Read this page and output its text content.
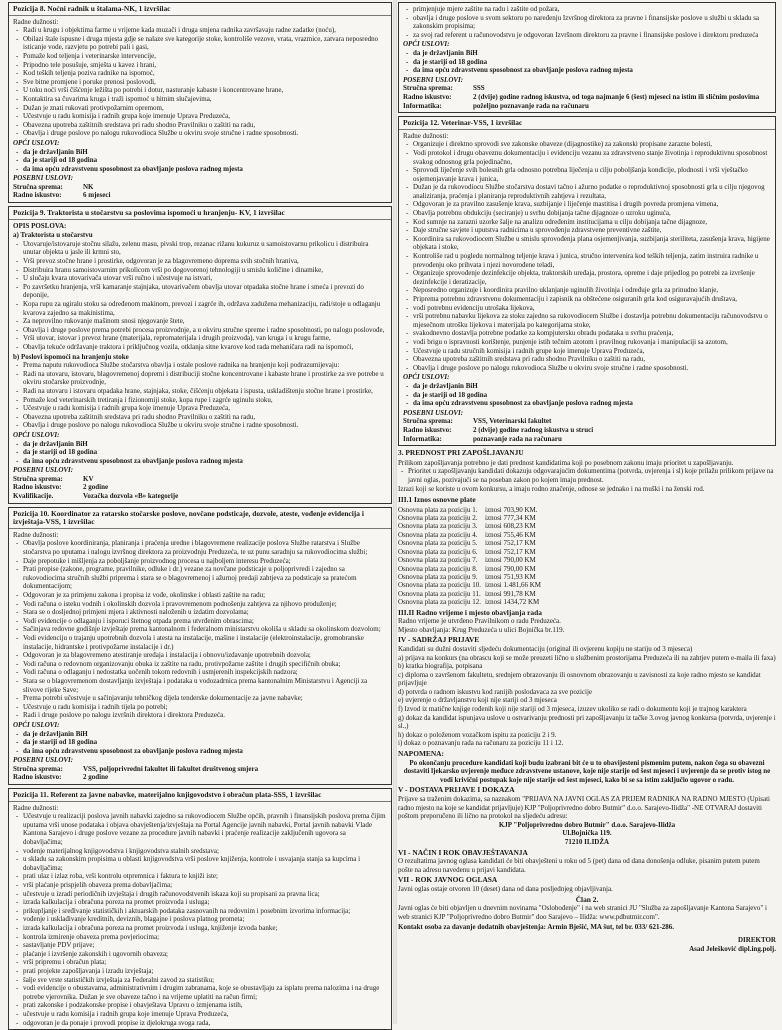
Pozicija 8. Noćni radnik u štalama-NK, 1 izvršilac
Radne dužnosti:
- Radi u krugu i objektima farme u vrijeme kada muzači i druga smjena radnika završavaju radne zadatke (noću),
- Obilazi štale ispusne i druga mjesta gdje se nalaze sve kategorije stoke, kontroliše vezove, vrata, vrazmice, zatvara neposredno isticanje vode, razvjetu po potrebi pali i gasi,
- Pomaže kod teljenja i veterinarske intervencije,
- Pripodno tele posušuje, smješta u kavez i hrani,
- Kod teških teljenja poziva radnike na ispomoć,
- Sve bitne promjene i poruke prenosi poslovođi,
- U toku noći vrši čišćenje ležišta po potrebi i dotur, nasturanje kabaste i koncentrovane hrane,
- Kontaktira sa čuvarima kruga i traži ispomoć u hitnim slučajevima,
- Dužan je znati rukovati protivpožarnim opremom,
- Učestvuje u radu komisija i radnih grupa koje imenuje Uprava Preduzeća,
- Obavezna upotreba zaštitnih sredstava pri radu shodno Pravilniku o zaštiti na radu,
- Obavlja i druge poslove po nalogu rukovodioca Službe u okviru svoje stručne i radne sposobnosti.
OPĆI USLOVI:
- da je državljanin BiH
- da je stariji od 18 godina
- da ima opću zdravstvenu sposobnost za obavljanje poslova radnog mjesta
POSEBNI USLOVI:
Stručna sprema:	NK
Radno iskustvo:	6 mjeseci
Pozicija 9. Traktorista u stočarstvu sa poslovima ispomoći u hranjenju- KV, 1 izvršilac
OPIS POSLOVA:
a) Traktorista u stočarstvu
- Utovaruje/istovaruje stočnu silažu, zelenu masu, pivski trop, rezanac rižanu kukuruz u samoistovarnu prikolicu i distribuira unutar objekta u jasle ili krmni sto,
- Vrši prevoz stočne hrane i prostirke, odgovoran je za blagovremeno doprema svih stočnih hraniva,
- Distribuira hranu samoistovarnim prikolicom vrši po dogovorenoj tehnologiji u smislu količine i dinamike,
- U slučaju kvara utovarivača utovar vrši ručno i učestvuje na istvari,
- Po završetku hranjenja, vrši kamaranje stajnjaka, utovarivačem obavlja utovar otpadaka stočne hrane i smeća i prevozi do deponije,
- Kopa rupu za ugiralu stoku sa određenom makinom, prevozi i zagrće ih, održava zadužena mehanizaciju, radi/stoje u odlaganju kvarova zajedno sa makinistima,
- Za neprovilno rukovanje mašinom snosi njegovanje štete,
- Obavlja i druge poslove prema potrebi procesa proizvodnje, a u okviru stručne spreme i radne sposobnosti, po nalogu poslovođe,
- Vrši utovar, istovar i prevoz hrane (materijala, repromaterijala i drugih proizvoda), van kruga i u krugu farme,
- Obavlja tekuće održavanje traktora i priključnog vozila, otklanja sitne kvarove kod rada mehaničara radi na ispomoći,
b) Poslovi ispomoći na hranjenju stoke
- Prema naputu rukovodioca Službe stočarstva obavlja i ostale poslove radnika na hranjenju koji podrazumijevaju:
- Radi na utovaru, istovaru, blagovremenoj dopremi i distribuciji stočne koncentrovane i kabaste hrane i prostirke za sve potrebe u okviru stočarske proizvodnje,
- Radi na utovaru i istovaru otpadaka hrane, stajnjaka, stoke, čišćenju objekata i ispusta, uskladištenju stočne hrane i prostirke,
- Pomaže kod veterinarskih tretiranja i fizionomiji stoke, kopa rupe i zagrće uginulu stoku,
- Učestvuje u radu komisija i radnih grupa koje imenuje Uprava Preduzeća,
- Obavezna upotreba zaštitnih sredstava pri radu shodno Pravilniku o zaštiti na radu,
- Obavlja i druge poslove po nalogu rukovodioca Službe u okviru svoje stručne i radne sposobnosti.
OPĆI USLOVI:
- da je državljanin BiH
- da je stariji od 18 godina
- da ima opću zdravstvenu sposobnost za obavljanje poslova radnog mjesta
POSEBNI USLOVI:
Stručna sprema:	KV
Radno iskustvo:	2 godine
Kvalifikacije.	Vozačka dozvola «B» kategorije
Pozicija 10. Koordinator za ratarsko stočarske poslove, novčane podsticaje, dozvole, ateste, vođenje evidencija i izvještaja-VSS, 1 izvršilac
Radne dužnosti:
- Obavlja poslove koordiniranja, planiranja i praćenja uredne i blagovremene realizacije poslova Službe ratarstva i Službe stočarstva po uputama i nalogu izvršnog direktora za proizvodnju Preduzeća, te uz punu saradnju sa rukovodiocima službi;
- Daje prepotuke i mišljenja za poboljšanje proizvodnog procesa u najboljem interesu Preduzeća;
- Prati propise (zakone, programe, pravilnike, odluke i dr.) vezane za novčane podsticaje u poljoprivredi i zajedno sa rukovodiocima stručnih službi priprema i stara se o blagovremenoj i ažurnoj predaji zahtjeva za podsticaje sa pratećom dokumentacijom;
- Odgovoran je za primjenu zakona i propisa iz vođe, okolinske i oblasti zaštite na radu;
- Vodi računa o isteku vodnih i okolinskih dozvola i pravovremenom podnošenju zahtjeva za njihovo produženje;
- Stara se o dosljednoj primjeni mjera i aktivnosti naloženih u izdatim dozvolama;
- Vodi evidencije o odlaganju i isporuci štetnog otpada prema utvrđenim obrascima;
- Sačinjava redovne godišnje izvještaje prema kantonalnom i federalnom ministarstvu okoliša u skladu sa okolinskom dozvolom;
- Vodi evidenciju o trajanju upotrebnih dozvola i atesta na instalacije, mašine i instalacije (elektroinstalacije, gromobranske instalacije, hidrantske i protivpožarne instalacije i dr.)
- Odgovoran je za blagovremeno atestiranje uređaja i instalacija i obnovu/izdavanje upotrebnih dozvola;
- Vodi računa o redovnom organizovanju obuka iz zaštite na radu, protivpožarne zaštite i drugih specifičnih obuka;
- Vodi računa o odlaganju i nedostatka uočenih tokom redovnih i usmjerenih inspekcijskih nadzora;
- Stara se o blagovremenom dostavljanju izvještaja i podataka u vodozadrnica prema kantonalnim Ministarstvu i Agenciji za slivove rijeke Save;
- Prema potrebi učestvuje u sačinjavanju tehničkog dijela tenderske dokumentacije za javne nabavke;
- Učestvuje u radu komisija i radnih tijela po potrebi;
- Radi i druge poslove po nalogu izvršnih direktora i direktora Preduzeća.
OPĆI USLOVI:
- da je državljanin BiH
- da je stariji od 18 godina
- da ima opću zdravstvenu sposobnost za obavljanje poslova radnog mjesta
POSEBNI USLOVI:
Stručna sprema:	VSS, poljoprivredni fakultet ili fakultet društvenog smjera
Radno iskustvo:	2 godine
Pozicija 11. Referent za javne nabavke, materijalno knjigovodstvo i obračun plata-SSS, 1 izvršilac
Radne dužnosti:
- Učestvuje u realizaciji poslova javnih nabavki zajedno sa rukovodiocem Službe općih, pravnih i finansijskih poslova prema čijim uputama vrši unose podataka i objava obavještenja/izvještaja na Portal Agencije javnih nabavki, Portal javnih nabavki Vlade Kantona Sarajevo i druge poslove vezane za procedure javnih nabavki i praćenje realizacije zaključenih ugovora sa dobavljačima;
- vodenje materijalnog knjigovodstva i knjigovodstva stalnih sredstava;
- u skladu sa zakonskim propisima u oblasti knjigovodstva vrši poslove knjiženja, kontrole i usvajanja stanja sa kupcima i dobavljačima;
- prati ulaz i izlaz roba, vrši kontrolu otpremnica i faktura te knjiži iste;
- vrši plaćanje prispjelih obaveza prema dobavljačima;
- učestvuje u izradi periodičnih izvještaja i drugih računovodstvenih iskaza koji su propisani za pravna lica;
- izrada kalkulacija i obračuna poreza na promet proizvoda i usluga;
- prikupljanje i sređivanje statističkih i aktuarskih podataka zasnovanih na redovnim i posebnim izvorima informacija;
- vođenje i usklađivanje kreditnih, deviznih, blagajne i poslova platnog prometa;
- izrada kalkulacija i obračuna poreza na promet proizvoda i usluga, knjiženje izvoda banke;
- kontrola izmirenje obaveza prema povjeriocima;
- sastavljanje PDV prijave;
- plaćanje i izvršenje zakonskih i ugovornih obaveza;
- vrši pripremu i obračun plata;
- prati projekte zapošljavanja i izradu izvještaja;
- šalje sve vrste statističkih izvještaja za Federalni zavod za statistiku;
- vodi evidencije o obustavama, administrativnim i drugim zabranama, koje se obustavljaju za isplatu prema nalozima i na druge potrebe vjerovnika. Dužan je sve obaveze tačno i na vrijeme uplatiti na račun firmi;
- prati zakonske i podzakonske propise i obavještava Upravu o izmjenama istih,
- učestvuje u radu komisija i radnih grupa koje imenuje Uprava Preduzeća,
- odgovoran je da ponaje i provodi propise iz djelokruga svoga rada,
- primjenjuje mjere zaštite na radu i zaštite od požara,
- obavlja i druge poslove u svom sektoru po naređenju Izvršnog direktora za pravne i finansijske poslove u službi u skladu sa zakonskim propisima;
- za svoj rad referent u računovodstvu je odgovoran Izvršnom direktoru za pravne i finansijske poslove i direktoru preduzeća
OPĆI USLOVI:
- da je državljanin BiH
- da je stariji od 18 godina
- da ima opću zdravstvenu sposobnost za obavljanje poslova radnog mjesta
POSEBNI USLOVI:
Stručna sprema:	SSS
Radno iskustvo:	2 (dvije) godine radnog iskustva, od toga najmanje 6 (šest) mjeseci na istim ili sličnim poslovima
Informatika:	poželjno poznavanje rada na računaru
Pozicija 12. Veterinar-VSS, 1 izvršilac
Radne dužnosti:
- Organizuje i direktno sprovodi sve zakonske obaveze (dijagnostike) za zakonski propisane zarazne bolesti,
- Vodi protokol i drugu obaveznu dokumentaciju i evidenciju vezanu za zdravstveno stanje životinja i reproduktivnu sposobnost svakog odnosnog grla pojedinačno,
- Sprovodi liječenje svih bolesnih grla odnosno potrebna liječenja u cilju poboljšanja kondicije, plodnosti i vrši vještačko osjemenjavanje krava i junica,
- Dužan je da rukovodiocu Službe stočarstva dostavi tačno i ažurno podatke o reproduktivnoj sposobnosti grla u cilju njegovog analiziranja, praćenja i planiranja reproduktivnih zahtjeva i rezultata,
- Odgovoran je za pravilno zasušenje krava, suzbijanje i liječenje mastitisa i drugih povreda promjena vimena,
- Obavlja potrebnu obdukciju (seciranje) u svrhu dobijanja tačne dijagnoze o uzroku uginuća,
- Kod sumnje na zarazni uzorke šalje na analizu određenim institucijama u cilju dobijanja tačne dijagnoze,
- Daje stručne savjete i uputstva radnicima u sprovođenju zdravstvene preventivne zaštite,
- Koordinira sa rukovodiocem Službe u smislu sprovođenja plana osjemenjivanja, suzbijanja steriliteta, zasušenja krava, higijene objekata i stoke,
- Kontroliše rad u pogledu normalnog teljenje krava i junica, stručno intervenira kod teških teljenja, zatim instruira radnike u prevođenju oko prihvata i njezi novorođene teladi,
- Organizuje sprovođenje dezinfekcije objekta, traktorskih uređaja, prostora, opreme i daje prijedlog po potrebi za izvršenje dezinfekcije i deratizacije,
- Neposredno organizuje i koordinira pravilno uklanjanje uginulih životinja i određuje grla za prinudno klanje,
- Priprema potrebnu zdravstvenu dokumentaciju i zapisnik na obštećene osiguranih grla kod osiguravajućih društava,
- vodi potrebnu evidenciju utrošaka lijekova,
- vrši potrebnu nabavku lijekova za stoku zajedno sa rukovodiocem Službe i dostavlja potrebnu dokumentaciju računovodstvu o mjesečnom utrošku lijekova i materijala po kategorijama stoke,
- svakodnevno dostavlja potrebne podatke za kompjutersku obradu podataka u svrhu praćenja,
- vodi brigu o ispravnosti korištenje, punjenje istih tečnim azotom i pravilnog rukovanja i manipulaciji sa azotom,
- Učestvuje u radu stručnih komisija i radnih grupe koje imenuje Uprava Preduzeća,
- Obavezna upotreba zaštitnih sredstava pri radu shodno Pravilniku o zaštiti na radu,
- Obavlja i druge poslove po nalogu rukovodioca Službe u okviru svoje stručne i radne sposobnosti.
OPĆI USLOVI:
- da je državljanin BiH
- da je stariji od 18 godina
- da ima opću zdravstvenu sposobnost za obavljanje poslova radnog mjesta
POSEBNI USLOVI:
Stručna sprema:	VSS, Veterinarski fakultet
Radno iskustvo:	2 (dvije) godine radnog iskustva u struci
Informatika:	poznavanje rada na računaru
3. PREDNOST PRI ZAPOŠLJAVANJU
Prilikom zapošljavanja potrebno je dati prednost kandidatima koji po posebnom zakonu imaju prioritet u zapošljavanju.
- Prioritet u zapošljavanju kandidati dokazuju odgovarajućim dokumentima (potvrda, uvjerenja i sl) koje prilažu prilikom prijave na javni oglas, pozivajući se na poseban zakon po kojem imaju prednost.
Izrazi koji se koriste u ovom konkursu, a imaju rodno značenje, odnose se jednako i na muški i na ženski rod.
III.1 Iznos osnovne plate
Osnovna plata za poziciju 1.	iznosi 703,90 KM.
Osnovna plata za poziciju 2.	iznosi 777,34 KM
Osnovna plata za poziciju 3.	iznosi 608,23 KM
Osnovna plata za poziciju 4.	iznosi 755,46 KM
Osnovna plata za poziciju 5.	iznosi 752,17 KM
Osnovna plata za poziciju 6.	iznosi 752,17 KM
Osnovna plata za poziciju 7.	iznosi 790,00 KM
Osnovna plata za poziciju 8.	iznosi 790,00 KM
Osnovna plata za poziciju 9.	iznosi 751,93 KM
Osnovna plata za poziciju 10.	iznosi 1.481,66 KM
Osnovna plata za poziciju 11.	iznosi 991,78 KM
Osnovna plata za poziciju 12.	iznosi 1434,72 KM
III.II Radno vrijeme i mjesto obavljanja rada
Radno vrijeme je utvrđeno Pravilnikom o radu Preduzeća.
Mjesto obavljanja: Krug Preduzeća u ulici Bojnička br.119.
IV - SADRŽAJ PRIJAVE
Kandidati su dužni dostaviti sljedeću dokumentaciju (original ili ovjerenu kopiju ne stariju od 3 mjeseca)
a) prijava na konkurs (na obrascu koji se može preuzeti lično u službenim prostorijama Preduzeća ili na zahtjev putem e-maila ili faxa)
b) kratka biografija, potpisana
c) diploma o završenom fakultetu, srednjem obrazovanju ili osnovnom obrazovanju u zavisnosti za koje radno mjesto se kandidat prijavljuje
d) potvrda o radnom iskustvu kod ranijih poslodavaca za sve pozicije
e) uvjerenje o državljanstvu koji nije stariji od 3 mjeseca
f) Izvod iz matične knjige rođenih koji nije stariji od 3 mjeseca, izuzev ukoliko se radi o dokumentu koji je trajnog karaktera
g) dokaz da kandidat ispunjava uslove u ostvarivanju prednosti pri zapošljavanju iz tačke 3.ovog javnog konkursa (potvrda, uvjerenje i sl.,)
h) dokaz o položenom vozačkom ispitu za poziciju 2 i 9.
i) dokaz o poznavanju rada na računaru za poziciju 11 i 12.
NAPOMENA:
Po okončanju procedure kandidati koji budu izabrani bit će u to obavijesteni pismenim putem, nakon čega su obavezni dostaviti ljekarsko uvjerenje međuce zdravstvene ustanove, koje nije starije od šest mjeseci i uvjerenje da se protiv istog ne vodi krivični postupak koje nije starije od šest mjeseci, kako bi se sa istim zaključio ugovor o radu.
V - DOSTAVA PRIJAVE I DOKAZA
Prijave sa traženim dokazima, sa naznakom "PRIJAVA NA JAVNI OGLAS ZA PRIJEM RADNIKA NA RADNO MJESTO (Upisati radno mjesto na koje se kandidat prijavljuje) KJP "Poljoprivredno dobro Butmir" d.o.o. Sarajevo-Ilidža" -NE OTVARAJ dostaviti poštom preporučeno ili lično na protokol na sljedeću adresu:
KJP "Poljoprivredno dobro Butmir" d.o.o. Sarajevo-Ilidža
Ul.Bojnička 119.
71210 ILIDŽA
VI - NAČIN I ROK OBAVJEŠTAVANJA
O rezultatima javnog oglasa kandidati će biti obavješteni u roku od 5 (pet) dana od dana donošenja odluke, pisanim putem putem pošte na adresu navedenu u prijavi kandidata.
VII - ROK JAVNOG OGLASA
Javni oglas ostaje otvoren 10 (deset) dana od dana posljednjeg objavljivanja.
Član 2.
Javni oglas će biti objavljen u dnevnim novinama "Oslobođenje" i na web stranici JU "Služba za zapošljavanje Kantona Sarajevo" i web stranici KJP "Poljoprivredno dobro Butmir" doo Sarajevo – Ilidža: www.pdbutmir.com".
Kontakt osoba za davanje dodatnih obavještenja: Armin Bješić, MA šut, tel br. 033/ 621-286.
DIREKTOR
Asad Jelešković dipl.ing.polj.
